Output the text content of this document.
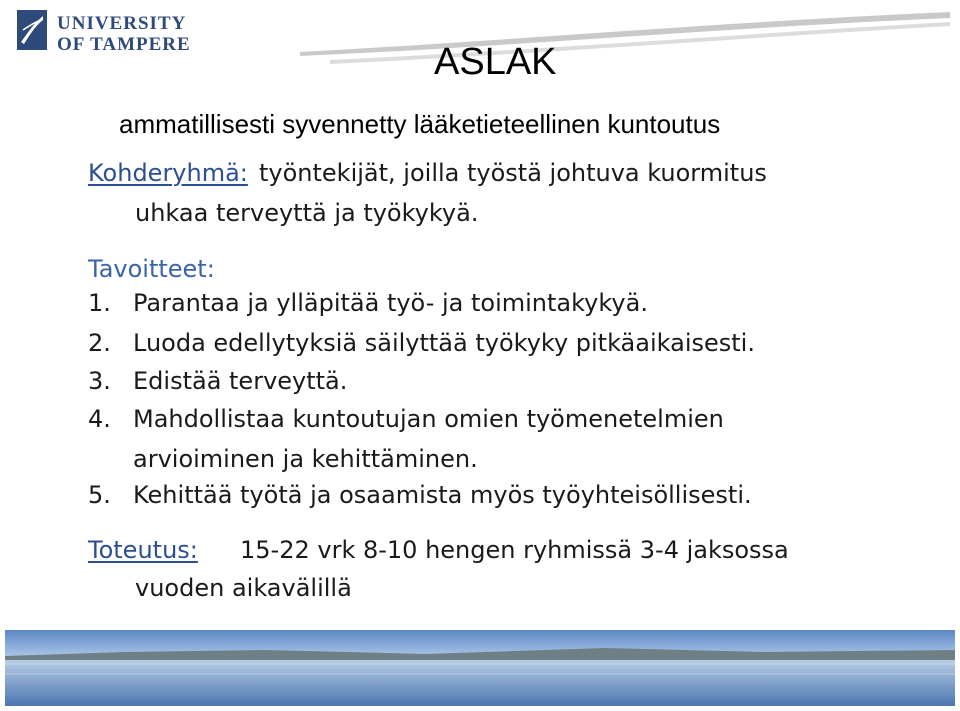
UNIVERSITY
OF TAMPERE	ASLAK
ammatillisesti syvennetty lääketieteellinen kuntoutus
Kohderyhmä: työntekijät, joilla työstä johtuva kuormitus
uhkaa terveyttä ja työkykyä.
Tavoitteet:
1. Parantaa ja ylläpitää työ- ja toimintakykyä.
2. Luoda edellytyksiä säilyttää työkyky pitkäaikaisesti.
3. Edistää terveyttä.
4. Mahdollistaa kuntoutujan omien työmenetelmien
arvioiminen ja kehittäminen.
5. Kehittää työtä ja osaamista myös työyhteisöllisesti.
Toteutus: 15-22 vrk 8-10 hengen ryhmissä 3-4 jaksossa
vuoden aikavälillä
